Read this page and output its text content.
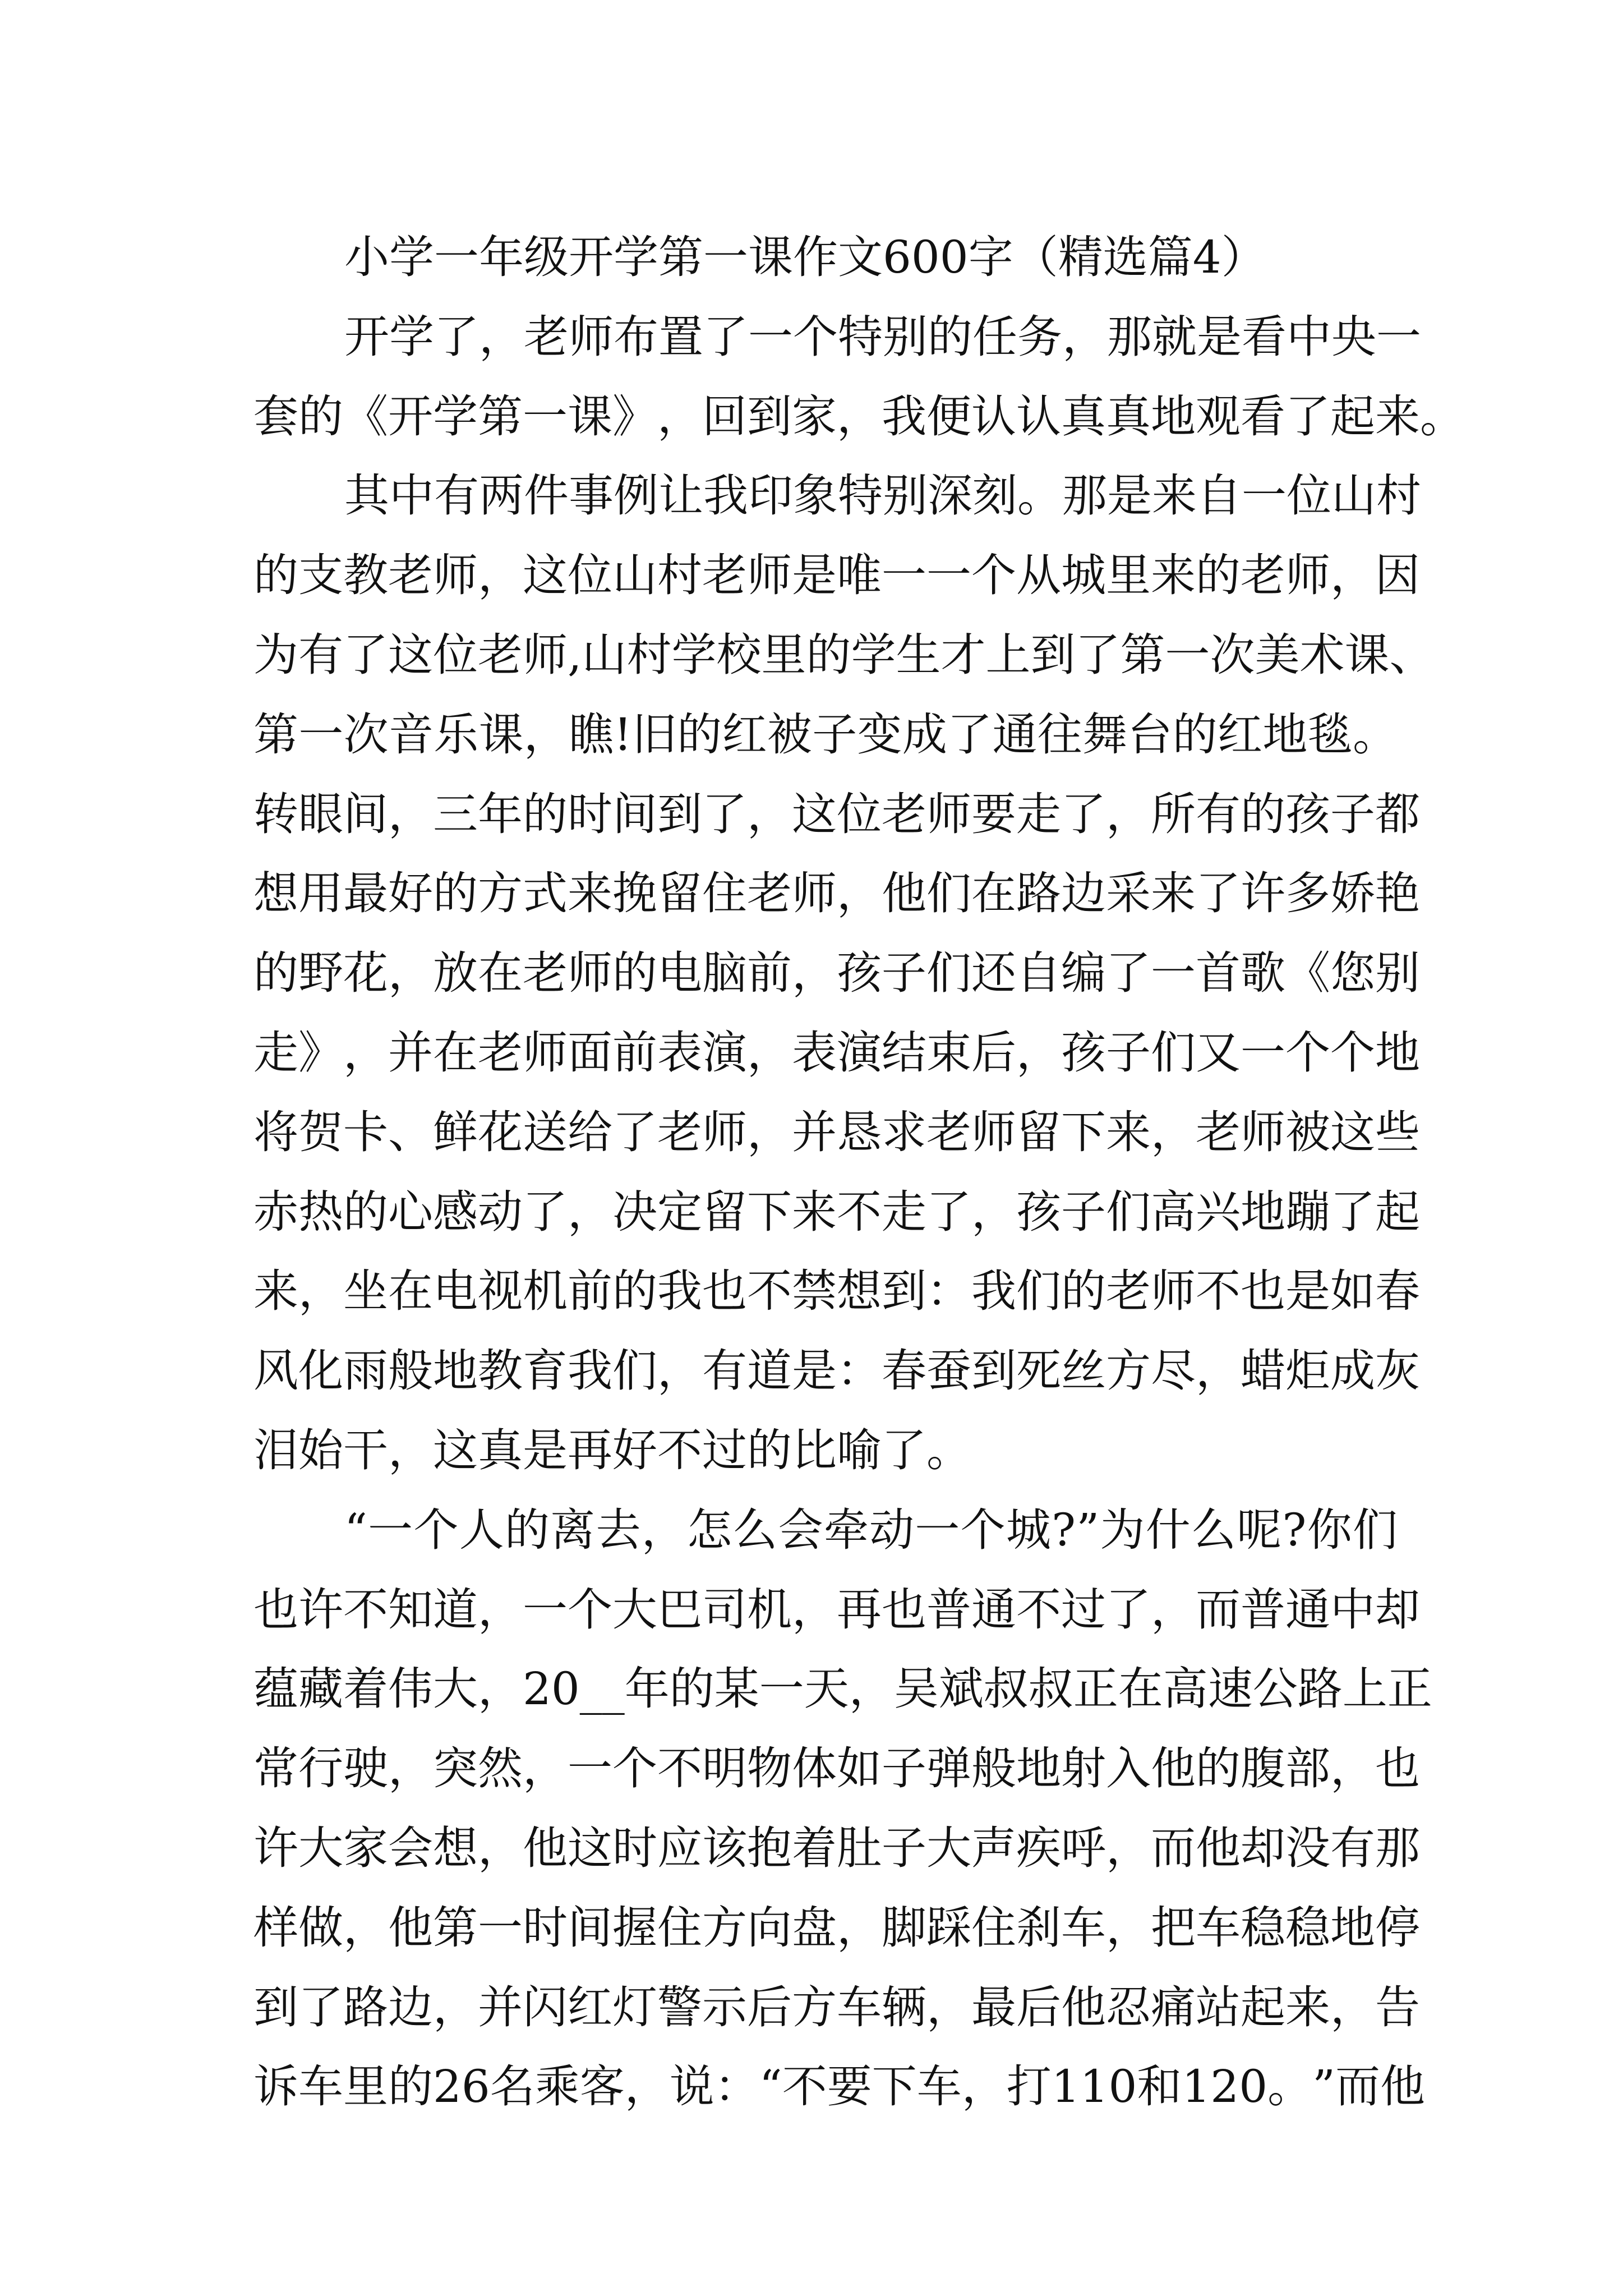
小学一年级开学第一课作文600字（精选篇4）
开 学 了 ， 老 师 布 置 了 一 个 特 别 的 任 务 ， 那 就 是 看 中 央 一
套 的 《 开 学 第 一 课 》 ， 回 到 家 ， 我 便 认 认 真 真 地 观 看 了 起 来 。
其 中 有 两 件 事 例 让 我 印 象 特 别 深 刻 。 那 是 来 自 一 位 山 村
的 支 教 老 师 ， 这 位 山 村 老 师 是 唯 一 一 个 从 城 里 来 的 老 师 ， 因
为 有 了 这 位 老 师 , 山 村 学 校 里 的 学 生 才 上 到 了 第 一 次 美 术 课 、
第 一 次 音 乐 课 ， 瞧 ! 旧 的 红 被 子 变 成 了 通 往 舞 台 的 红 地 毯 。
转 眼 间 ， 三 年 的 时 间 到 了 ， 这 位 老 师 要 走 了 ， 所 有 的 孩 子 都
想 用 最 好 的 方 式 来 挽 留 住 老 师 ， 他 们 在 路 边 采 来 了 许 多 娇 艳
的 野 花 ， 放 在 老 师 的 电 脑 前 ， 孩 子 们 还 自 编 了 一 首 歌 《 您 别
走 》 ， 并 在 老 师 面 前 表 演 ， 表 演 结 束 后 ， 孩 子 们 又 一 个 个 地
将 贺 卡 、 鲜 花 送 给 了 老 师 ， 并 恳 求 老 师 留 下 来 ， 老 师 被 这 些
赤 热 的 心 感 动 了 ， 决 定 留 下 来 不 走 了 ， 孩 子 们 高 兴 地 蹦 了 起
来 ， 坐 在 电 视 机 前 的 我 也 不 禁 想 到 ： 我 们 的 老 师 不 也 是 如 春
风 化 雨 般 地 教 育 我 们 ， 有 道 是 ： 春 蚕 到 死 丝 方 尽 ， 蜡 炬 成 灰
泪始干，这真是再好不过的比喻了。
“ 一 个 人 的 离 去 ， 怎 么 会 牵 动 一 个 城 ? ” 为 什 么 呢 ? 你 们
也 许 不 知 道 ， 一 个 大 巴 司 机 ， 再 也 普 通 不 过 了 ， 而 普 通 中 却
蕴 藏 着 伟 大 ， 20__ 年 的 某 一 天 ， 吴 斌 叔 叔 正 在 高 速 公 路 上 正
常 行 驶 ， 突 然 ， 一 个 不 明 物 体 如 子 弹 般 地 射 入 他 的 腹 部 ， 也
许 大 家 会 想 ， 他 这 时 应 该 抱 着 肚 子 大 声 疾 呼 ， 而 他 却 没 有 那
样 做 ， 他 第 一 时 间 握 住 方 向 盘 ， 脚 踩 住 刹 车 ， 把 车 稳 稳 地 停
到 了 路 边 ， 并 闪 红 灯 警 示 后 方 车 辆 ， 最 后 他 忍 痛 站 起 来 ， 告
诉 车 里 的 26 名 乘 客 ， 说 ： “ 不 要 下 车 ， 打 110 和 120 。 ” 而 他
